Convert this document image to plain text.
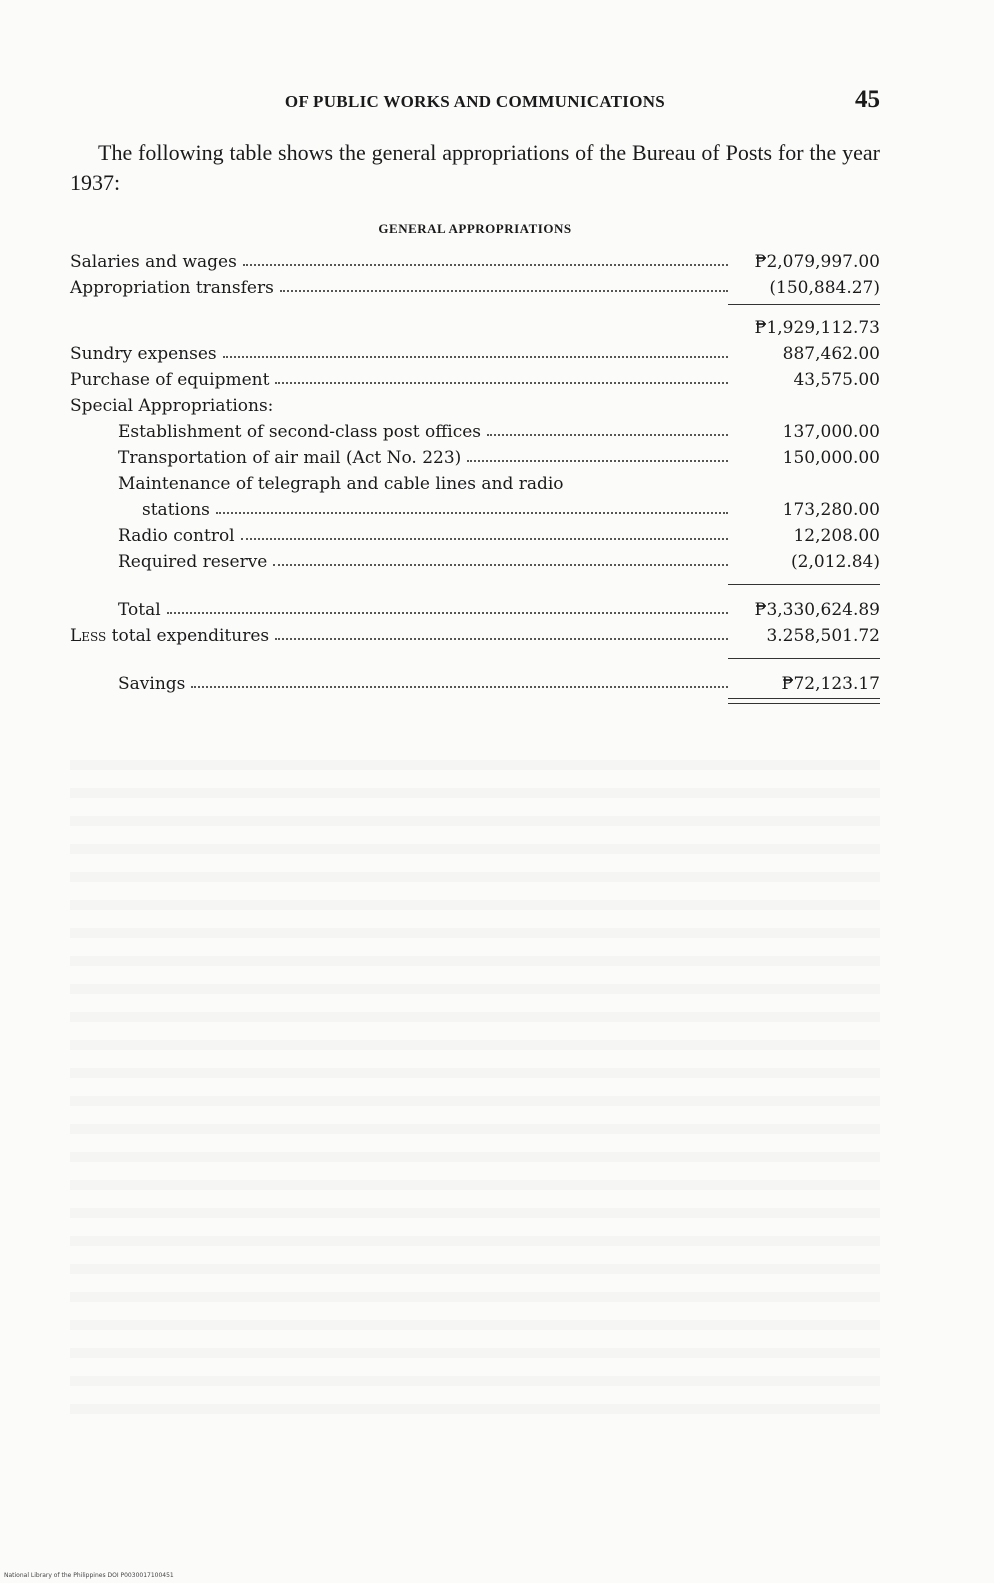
OF PUBLIC WORKS AND COMMUNICATIONS	45
The following table shows the general appropriations of the Bureau of Posts for the year 1937:
GENERAL APPROPRIATIONS
Salaries and wages	₱2,079,997.00
Appropriation transfers	(150,884.27)
₱1,929,112.73
Sundry expenses	887,462.00
Purchase of equipment	43,575.00
Special Appropriations:
Establishment of second-class post offices	137,000.00
Transportation of air mail (Act No. 223)	150,000.00
Maintenance of telegraph and cable lines and radio
stations	173,280.00
Radio control	12,208.00
Required reserve	(2,012.84)
Total	₱3,330,624.89
Less total expenditures	3.258,501.72
Savings	₱72,123.17
National Library of the Philippines DOI P0030017100451
